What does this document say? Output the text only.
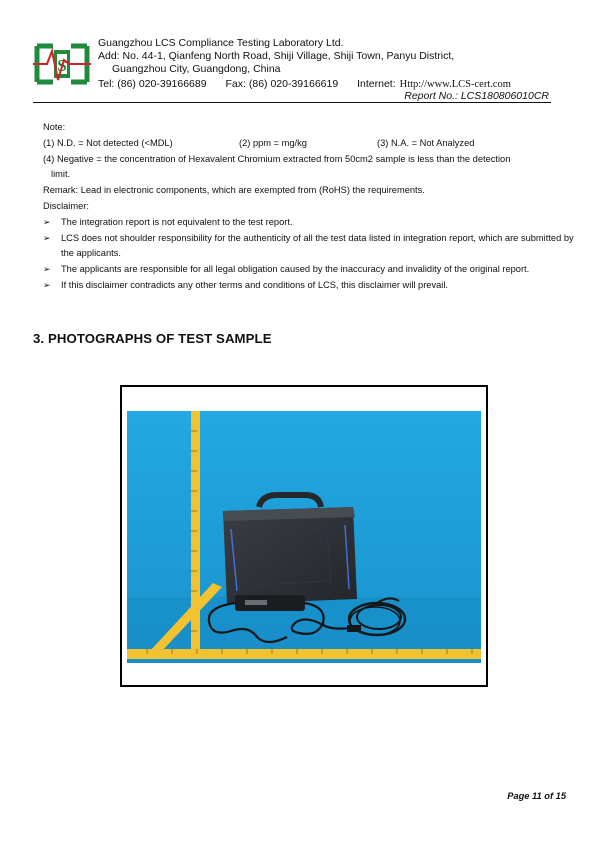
S
Guangzhou LCS Compliance Testing Laboratory Ltd.
Add: No. 44-1, Qianfeng North Road, Shiji Village, Shiji Town, Panyu District,
Guangzhou City, Guangdong, China
Tel: (86) 020-39166689 Fax: (86) 020-39166619 Internet: Http://www.LCS-cert.com
Report No.: LCS180806010CR
Note:
(1) N.D. = Not detected (<MDL)	(2) ppm = mg/kg	(3) N.A. = Not Analyzed
(4) Negative = the concentration of Hexavalent Chromium extracted from 50cm2 sample is less than the detection
limit.
Remark: Lead in electronic components, which are exempted from (RoHS) the requirements.
Disclaimer:
➢ The integration report is not equivalent to the test report.
➢ LCS does not shoulder responsibility for the authenticity of all the test data listed in integration report, which are submitted by the applicants.
➢ The applicants are responsible for all legal obligation caused by the inaccuracy and invalidity of the original report.
➢ If this disclaimer contradicts any other terms and conditions of LCS, this disclaimer will prevail.
3. PHOTOGRAPHS OF TEST SAMPLE
Page 11 of 15
